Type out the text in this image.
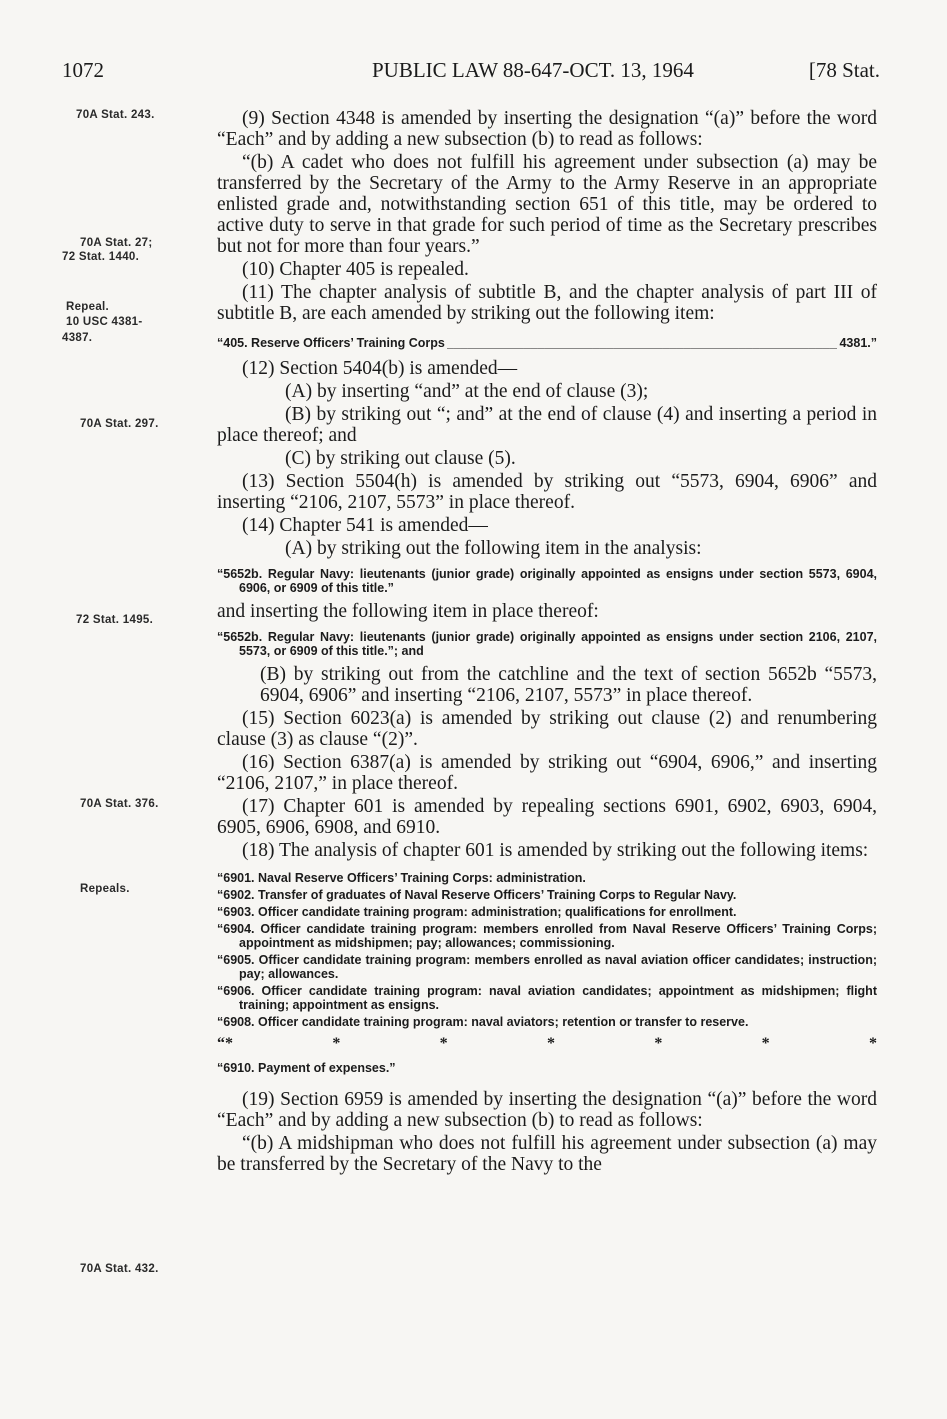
1072	PUBLIC LAW 88-647-OCT. 13, 1964	[78 Stat.
70A Stat. 243.
70A Stat. 27;
72 Stat. 1440.
Repeal.
10 USC 4381-
4387.
70A Stat. 297.
72 Stat. 1495.
70A Stat. 376.
Repeals.
70A Stat. 432.

(9) Section 4348 is amended by inserting the designation “(a)” before the word “Each” and by adding a new subsection (b) to read as follows:

“(b) A cadet who does not fulfill his agreement under subsection (a) may be transferred by the Secretary of the Army to the Army Reserve in an appropriate enlisted grade and, notwithstanding section 651 of this title, may be ordered to active duty to serve in that grade for such period of time as the Secretary prescribes but not for more than four years.”

(10) Chapter 405 is repealed.

(11) The chapter analysis of subtitle B, and the chapter analysis of part III of subtitle B, are each amended by striking out the following item:

“405. Reserve Officers’ Training Corps
_____	4381.”

(12) Section 5404(b) is amended—

(A) by inserting “and” at the end of clause (3);

(B) by striking out “; and” at the end of clause (4) and inserting a period in place thereof; and

(C) by striking out clause (5).

(13) Section 5504(h) is amended by striking out “5573, 6904, 6906” and inserting “2106, 2107, 5573” in place thereof.

(14) Chapter 541 is amended—

(A) by striking out the following item in the analysis:

“5652b. Regular Navy: lieutenants (junior grade) originally appointed as ensigns under section 5573, 6904, 6906, or 6909 of this title.”

and inserting the following item in place thereof:

“5652b. Regular Navy: lieutenants (junior grade) originally appointed as ensigns under section 2106, 2107, 5573, or 6909 of this title.”; and

(B) by striking out from the catchline and the text of section 5652b “5573, 6904, 6906” and inserting “2106, 2107, 5573” in place thereof.

(15) Section 6023(a) is amended by striking out clause (2) and renumbering clause (3) as clause “(2)”.

(16) Section 6387(a) is amended by striking out “6904, 6906,” and inserting “2106, 2107,” in place thereof.

(17) Chapter 601 is amended by repealing sections 6901, 6902, 6903, 6904, 6905, 6906, 6908, and 6910.

(18) The analysis of chapter 601 is amended by striking out the following items:

“6901. Naval Reserve Officers’ Training Corps: administration.

“6902. Transfer of graduates of Naval Reserve Officers’ Training Corps to Regular Navy.

“6903. Officer candidate training program: administration; qualifications for enrollment.

“6904. Officer candidate training program: members enrolled from Naval Reserve Officers’ Training Corps; appointment as midshipmen; pay; allowances; commissioning.

“6905. Officer candidate training program: members enrolled as naval aviation officer candidates; instruction; pay; allowances.

“6906. Officer candidate training program: naval aviation candidates; appointment as midshipmen; flight training; appointment as ensigns.

“6908. Officer candidate training program: naval aviators; retention or transfer to reserve.

“*	*	*	*	*	*	*

“6910. Payment of expenses.”

(19) Section 6959 is amended by inserting the designation “(a)” before the word “Each” and by adding a new subsection (b) to read as follows:

“(b) A midshipman who does not fulfill his agreement under subsection (a) may be transferred by the Secretary of the Navy to the
